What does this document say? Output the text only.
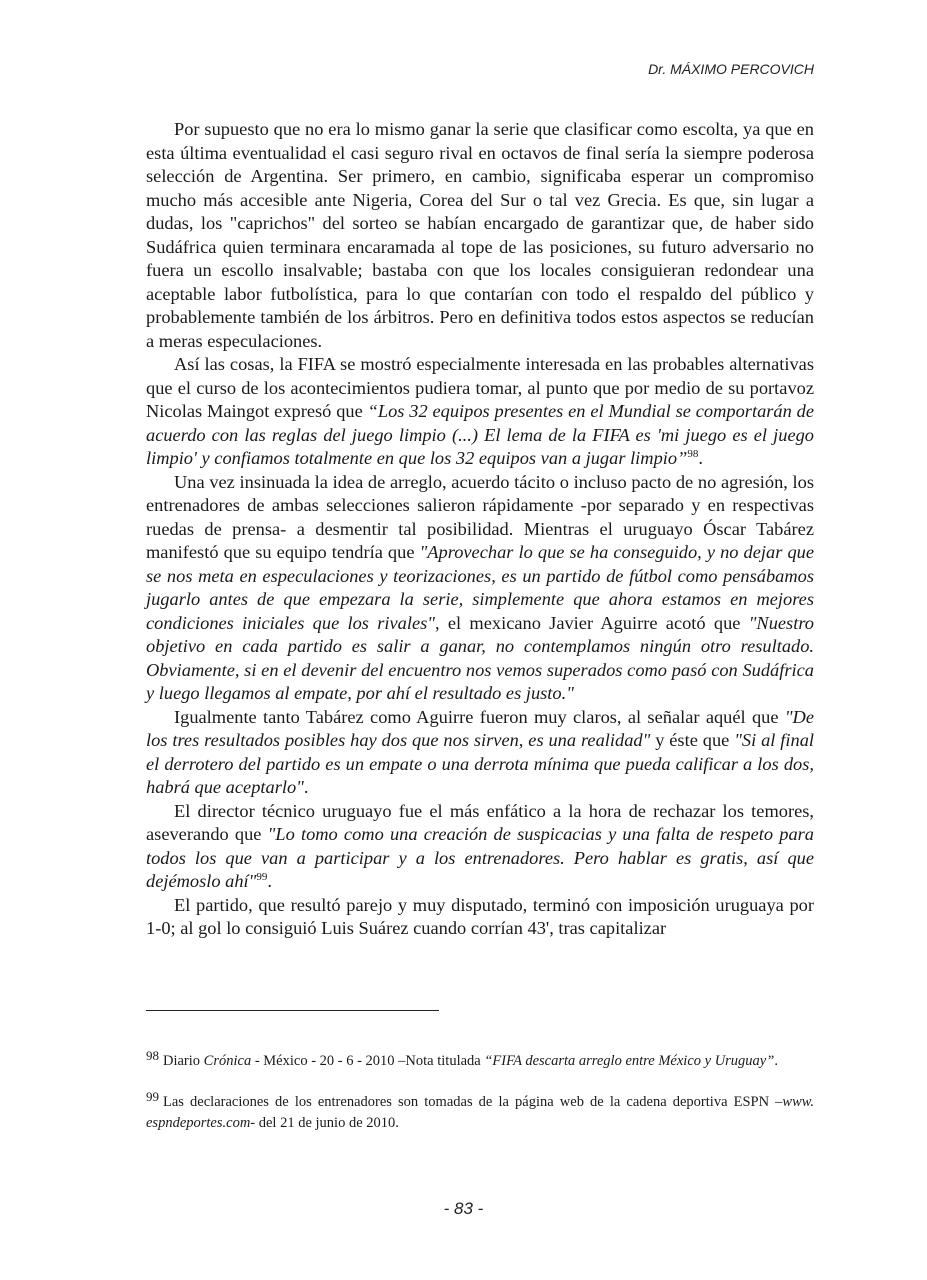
Dr. MÁXIMO PERCOVICH

Por supuesto que no era lo mismo ganar la serie que clasificar como escolta, ya que en esta última eventualidad el casi seguro rival en octavos de final sería la siempre poderosa selección de Argentina. Ser primero, en cambio, significaba esperar un compromiso mucho más accesible ante Nigeria, Corea del Sur o tal vez Grecia. Es que, sin lugar a dudas, los "caprichos" del sorteo se habían encargado de garantizar que, de haber sido Sudáfrica quien terminara encaramada al tope de las posiciones, su futuro adversario no fuera un escollo insalvable; bastaba con que los locales consiguieran redondear una aceptable labor futbolística, para lo que contarían con todo el respaldo del público y probablemente también de los árbitros. Pero en definitiva todos estos aspectos se reducían a meras especulaciones.

Así las cosas, la FIFA se mostró especialmente interesada en las probables alternativas que el curso de los acontecimientos pudiera tomar, al punto que por medio de su portavoz Nicolas Maingot expresó que “Los 32 equipos presentes en el Mundial se comportarán de acuerdo con las reglas del juego limpio (...) El lema de la FIFA es 'mi juego es el juego limpio' y confiamos totalmente en que los 32 equipos van a jugar limpio”$^{98}$.

Una vez insinuada la idea de arreglo, acuerdo tácito o incluso pacto de no agresión, los entrenadores de ambas selecciones salieron rápidamente -por separado y en respectivas ruedas de prensa- a desmentir tal posibilidad. Mientras el uruguayo Óscar Tabárez manifestó que su equipo tendría que "Aprovechar lo que se ha conseguido, y no dejar que se nos meta en especulaciones y teorizaciones, es un partido de fútbol como pensábamos jugarlo antes de que empezara la serie, simplemente que ahora estamos en mejores condiciones iniciales que los rivales", el mexicano Javier Aguirre acotó que "Nuestro objetivo en cada partido es salir a ganar, no contemplamos ningún otro resultado. Obviamente, si en el devenir del encuentro nos vemos superados como pasó con Sudáfrica y luego llegamos al empate, por ahí el resultado es justo."

Igualmente tanto Tabárez como Aguirre fueron muy claros, al señalar aquél que "De los tres resultados posibles hay dos que nos sirven, es una realidad" y éste que "Si al final el derrotero del partido es un empate o una derrota mínima que pueda calificar a los dos, habrá que aceptarlo".

El director técnico uruguayo fue el más enfático a la hora de rechazar los temores, aseverando que "Lo tomo como una creación de suspicacias y una falta de respeto para todos los que van a participar y a los entrenadores. Pero hablar es gratis, así que dejémoslo ahí"$^{99}$.

El partido, que resultó parejo y muy disputado, terminó con imposición uruguaya por 1-0; al gol lo consiguió Luis Suárez cuando corrían 43', tras capitalizar

98 Diario Crónica - México - 20 - 6 - 2010 –Nota titulada “FIFA descarta arreglo entre México y Uruguay”.

99 Las declaraciones de los entrenadores son tomadas de la página web de la cadena deportiva ESPN –www. espndeportes.com- del 21 de junio de 2010.

- 83 -
